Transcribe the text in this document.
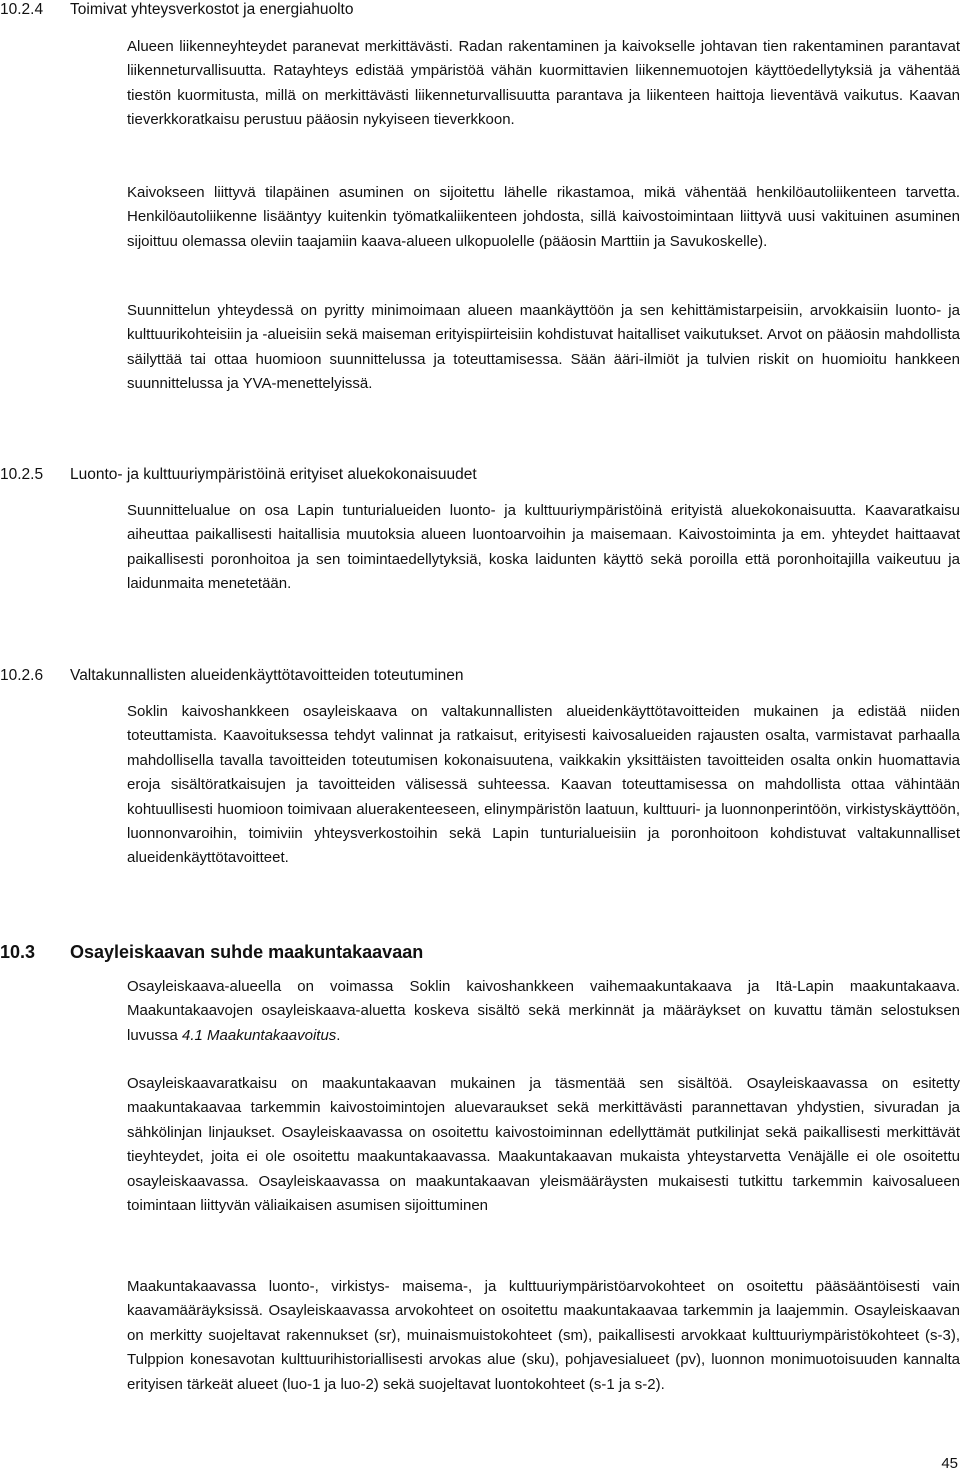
10.2.4	Toimivat yhteysverkostot ja energiahuolto

Alueen liikenneyhteydet paranevat merkittävästi. Radan rakentaminen ja kaivokselle johtavan tien rakentaminen parantavat liikenneturvallisuutta. Ratayhteys edistää ympäristöä vähän kuormittavien liikennemuotojen käyttöedellytyksiä ja vähentää tiestön kuormitusta, millä on merkittävästi liikenneturvallisuutta parantava ja liikenteen haittoja lieventävä vaikutus. Kaavan tieverkkoratkaisu perustuu pääosin nykyiseen tieverkkoon.

Kaivokseen liittyvä tilapäinen asuminen on sijoitettu lähelle rikastamoa, mikä vähentää henkilöautoliikenteen tarvetta. Henkilöautoliikenne lisääntyy kuitenkin työmatkaliikenteen johdosta, sillä kaivostoimintaan liittyvä uusi vakituinen asuminen sijoittuu olemassa oleviin taajamiin kaava-alueen ulkopuolelle (pääosin Marttiin ja Savukoskelle).

Suunnittelun yhteydessä on pyritty minimoimaan alueen maankäyttöön ja sen kehittämistarpeisiin, arvokkaisiin luonto- ja kulttuurikohteisiin ja -alueisiin sekä maiseman erityispiirteisiin kohdistuvat haitalliset vaikutukset. Arvot on pääosin mahdollista säilyttää tai ottaa huomioon suunnittelussa ja toteuttamisessa. Sään ääri-ilmiöt ja tulvien riskit on huomioitu hankkeen suunnittelussa ja YVA-menettelyissä.

10.2.5	Luonto- ja kulttuuriympäristöinä erityiset aluekokonaisuudet

Suunnittelualue on osa Lapin tunturialueiden luonto- ja kulttuuriympäristöinä erityistä aluekokonaisuutta. Kaavaratkaisu aiheuttaa paikallisesti haitallisia muutoksia alueen luontoarvoihin ja maisemaan. Kaivostoiminta ja em. yhteydet haittaavat paikallisesti poronhoitoa ja sen toimintaedellytyksiä, koska laidunten käyttö sekä poroilla että poronhoitajilla vaikeutuu ja laidunmaita menetetään.

10.2.6	Valtakunnallisten alueidenkäyttötavoitteiden toteutuminen

Soklin kaivoshankkeen osayleiskaava on valtakunnallisten alueidenkäyttötavoitteiden mukainen ja edistää niiden toteuttamista. Kaavoituksessa tehdyt valinnat ja ratkaisut, erityisesti kaivosalueiden rajausten osalta, varmistavat parhaalla mahdollisella tavalla tavoitteiden toteutumisen kokonaisuutena, vaikkakin yksittäisten tavoitteiden osalta onkin huomattavia eroja sisältöratkaisujen ja tavoitteiden välisessä suhteessa. Kaavan toteuttamisessa on mahdollista ottaa vähintään kohtuullisesti huomioon toimivaan aluerakenteeseen, elinympäristön laatuun, kulttuuri- ja luonnonperintöön, virkistyskäyttöön, luonnonvaroihin, toimiviin yhteysverkostoihin sekä Lapin tunturialueisiin ja poronhoitoon kohdistuvat valtakunnalliset alueidenkäyttötavoitteet.

10.3	Osayleiskaavan suhde maakuntakaavaan

Osayleiskaava-alueella on voimassa Soklin kaivoshankkeen vaihemaakuntakaava ja Itä-Lapin maakuntakaava. Maakuntakaavojen osayleiskaava-aluetta koskeva sisältö sekä merkinnät ja määräykset on kuvattu tämän selostuksen luvussa 4.1 Maakuntakaavoitus.

Osayleiskaavaratkaisu on maakuntakaavan mukainen ja täsmentää sen sisältöä. Osayleiskaavassa on esitetty maakuntakaavaa tarkemmin kaivostoimintojen aluevaraukset sekä merkittävästi parannettavan yhdystien, sivuradan ja sähkölinjan linjaukset. Osayleiskaavassa on osoitettu kaivostoiminnan edellyttämät putkilinjat sekä paikallisesti merkittävät tieyhteydet, joita ei ole osoitettu maakuntakaavassa. Maakuntakaavan mukaista yhteystarvetta Venäjälle ei ole osoitettu osayleiskaavassa. Osayleiskaavassa on maakuntakaavan yleismääräysten mukaisesti tutkittu tarkemmin kaivosalueen toimintaan liittyvän väliaikaisen asumisen sijoittuminen

Maakuntakaavassa luonto-, virkistys- maisema-, ja kulttuuriympäristöarvokohteet on osoitettu pääsääntöisesti vain kaavamääräyksissä. Osayleiskaavassa arvokohteet on osoitettu maakuntakaavaa tarkemmin ja laajemmin. Osayleiskaavan on merkitty suojeltavat rakennukset (sr), muinaismuistokohteet (sm), paikallisesti arvokkaat kulttuuriympäristökohteet (s-3), Tulppion konesavotan kulttuurihistoriallisesti arvokas alue (sku), pohjavesialueet (pv), luonnon monimuotoisuuden kannalta erityisen tärkeät alueet (luo-1 ja luo-2) sekä suojeltavat luontokohteet (s-1 ja s-2).

45
